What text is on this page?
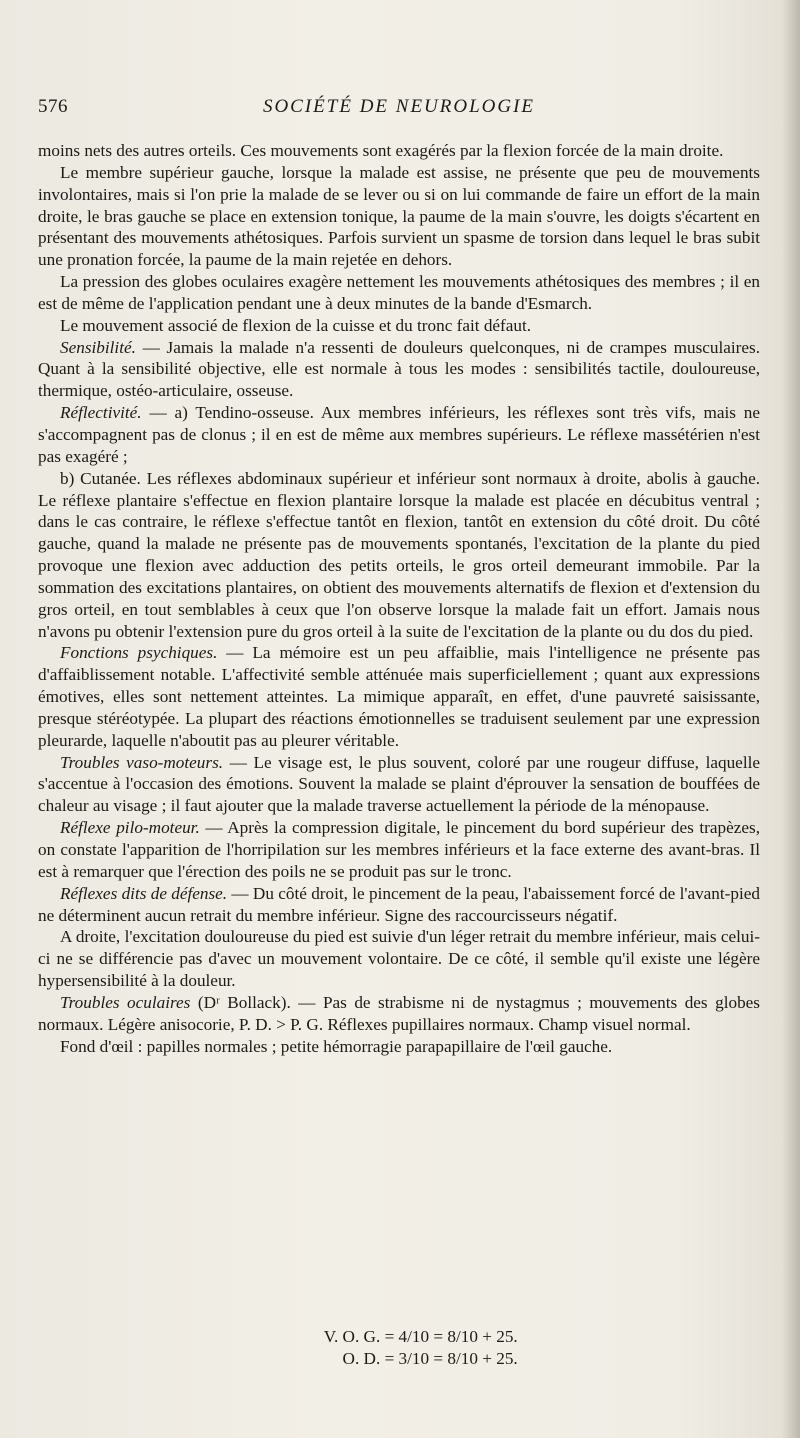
576	SOCIÉTÉ DE NEUROLOGIE

moins nets des autres orteils. Ces mouvements sont exagérés par la flexion forcée de la main droite.

Le membre supérieur gauche, lorsque la malade est assise, ne présente que peu de mouvements involontaires, mais si l'on prie la malade de se lever ou si on lui commande de faire un effort de la main droite, le bras gauche se place en extension tonique, la paume de la main s'ouvre, les doigts s'écartent en présentant des mouvements athétosiques. Parfois survient un spasme de torsion dans lequel le bras subit une pronation forcée, la paume de la main rejetée en dehors.

La pression des globes oculaires exagère nettement les mouvements athétosiques des membres ; il en est de même de l'application pendant une à deux minutes de la bande d'Esmarch.

Le mouvement associé de flexion de la cuisse et du tronc fait défaut.

Sensibilité. — Jamais la malade n'a ressenti de douleurs quelconques, ni de crampes musculaires. Quant à la sensibilité objective, elle est normale à tous les modes : sensibilités tactile, douloureuse, thermique, ostéo-articulaire, osseuse.

Réflectivité. — a) Tendino-osseuse. Aux membres inférieurs, les réflexes sont très vifs, mais ne s'accompagnent pas de clonus ; il en est de même aux membres supérieurs. Le réflexe massétérien n'est pas exagéré ;

b) Cutanée. Les réflexes abdominaux supérieur et inférieur sont normaux à droite, abolis à gauche. Le réflexe plantaire s'effectue en flexion plantaire lorsque la malade est placée en décubitus ventral ; dans le cas contraire, le réflexe s'effectue tantôt en flexion, tantôt en extension du côté droit. Du côté gauche, quand la malade ne présente pas de mouvements spontanés, l'excitation de la plante du pied provoque une flexion avec adduction des petits orteils, le gros orteil demeurant immobile. Par la sommation des excitations plantaires, on obtient des mouvements alternatifs de flexion et d'extension du gros orteil, en tout semblables à ceux que l'on observe lorsque la malade fait un effort. Jamais nous n'avons pu obtenir l'extension pure du gros orteil à la suite de l'excitation de la plante ou du dos du pied.

Fonctions psychiques. — La mémoire est un peu affaiblie, mais l'intelligence ne présente pas d'affaiblissement notable. L'affectivité semble atténuée mais superficiellement ; quant aux expressions émotives, elles sont nettement atteintes. La mimique apparaît, en effet, d'une pauvreté saisissante, presque stéréotypée. La plupart des réactions émotionnelles se traduisent seulement par une expression pleurarde, laquelle n'aboutit pas au pleurer véritable.

Troubles vaso-moteurs. — Le visage est, le plus souvent, coloré par une rougeur diffuse, laquelle s'accentue à l'occasion des émotions. Souvent la malade se plaint d'éprouver la sensation de bouffées de chaleur au visage ; il faut ajouter que la malade traverse actuellement la période de la ménopause.

Réflexe pilo-moteur. — Après la compression digitale, le pincement du bord supérieur des trapèzes, on constate l'apparition de l'horripilation sur les membres inférieurs et la face externe des avant-bras. Il est à remarquer que l'érection des poils ne se produit pas sur le tronc.

Réflexes dits de défense. — Du côté droit, le pincement de la peau, l'abaissement forcé de l'avant-pied ne déterminent aucun retrait du membre inférieur. Signe des raccourcisseurs négatif.

A droite, l'excitation douloureuse du pied est suivie d'un léger retrait du membre inférieur, mais celui-ci ne se différencie pas d'avec un mouvement volontaire. De ce côté, il semble qu'il existe une légère hypersensibilité à la douleur.

Troubles oculaires (Dʳ Bollack). — Pas de strabisme ni de nystagmus ; mouvements des globes normaux. Légère anisocorie, P. D. > P. G. Réflexes pupillaires normaux. Champ visuel normal.

Fond d'œil : papilles normales ; petite hémorragie parapapillaire de l'œil gauche.

V. O. G. = 4/10 = 8/10 + 25.
O. D. = 3/10 = 8/10 + 25.
